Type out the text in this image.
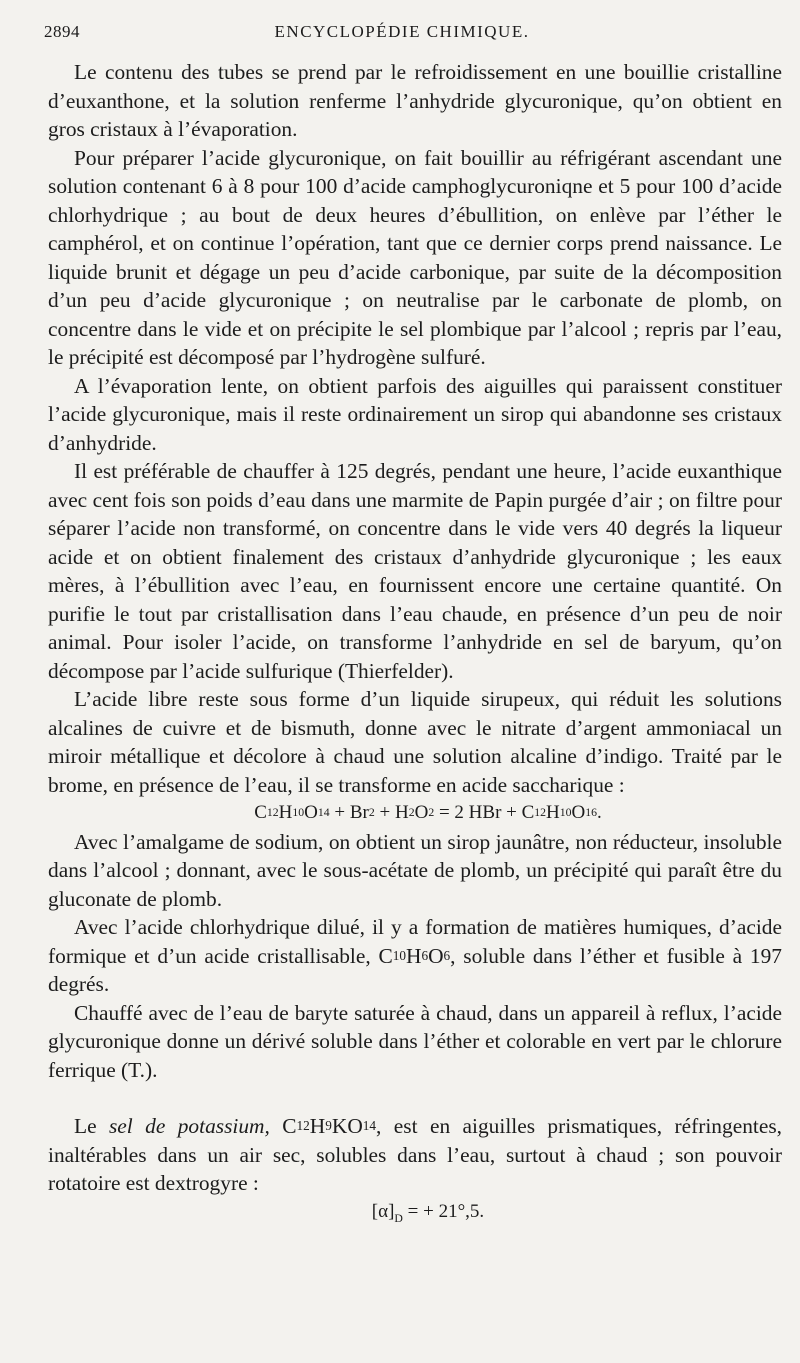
2894	ENCYCLOPÉDIE CHIMIQUE.

Le contenu des tubes se prend par le refroidissement en une bouillie cristalline d’euxanthone, et la solution renferme l’anhydride glycuronique, qu’on obtient en gros cristaux à l’évaporation.

Pour préparer l’acide glycuronique, on fait bouillir au réfrigérant ascendant une solution contenant 6 à 8 pour 100 d’acide camphoglycuroniqne et 5 pour 100 d’acide chlorhydrique ; au bout de deux heures d’ébullition, on enlève par l’éther le camphérol, et on continue l’opération, tant que ce dernier corps prend naissance. Le liquide brunit et dégage un peu d’acide carbonique, par suite de la décomposition d’un peu d’acide glycuronique ; on neutralise par le carbonate de plomb, on concentre dans le vide et on précipite le sel plombique par l’alcool ; repris par l’eau, le précipité est décomposé par l’hydrogène sulfuré.

A l’évaporation lente, on obtient parfois des aiguilles qui paraissent constituer l’acide glycuronique, mais il reste ordinairement un sirop qui abandonne ses cristaux d’anhydride.

Il est préférable de chauffer à 125 degrés, pendant une heure, l’acide euxanthique avec cent fois son poids d’eau dans une marmite de Papin purgée d’air ; on filtre pour séparer l’acide non transformé, on concentre dans le vide vers 40 degrés la liqueur acide et on obtient finalement des cristaux d’anhydride glycuronique ; les eaux mères, à l’ébullition avec l’eau, en fournissent encore une certaine quantité. On purifie le tout par cristallisation dans l’eau chaude, en présence d’un peu de noir animal. Pour isoler l’acide, on transforme l’anhydride en sel de baryum, qu’on décompose par l’acide sulfurique (Thierfelder).

L’acide libre reste sous forme d’un liquide sirupeux, qui réduit les solutions alcalines de cuivre et de bismuth, donne avec le nitrate d’argent ammoniacal un miroir métallique et décolore à chaud une solution alcaline d’indigo. Traité par le brome, en présence de l’eau, il se transforme en acide saccharique :

$C^{12}H^{10}O^{14} + Br^2 + H^2O^2 = 2$ HBr + $C^{12}H^{10}O^{16}$.

Avec l’amalgame de sodium, on obtient un sirop jaunâtre, non réducteur, insoluble dans l’alcool ; donnant, avec le sous-acétate de plomb, un précipité qui paraît être du gluconate de plomb.

Avec l’acide chlorhydrique dilué, il y a formation de matières humiques, d’acide formique et d’un acide cristallisable, $C^{10}H^6O^6$, soluble dans l’éther et fusible à 197 degrés.

Chauffé avec de l’eau de baryte saturée à chaud, dans un appareil à reflux, l’acide glycuronique donne un dérivé soluble dans l’éther et colorable en vert par le chlorure ferrique (T.).

Le sel de potassium, $C^{12}H^9KO^{14}$, est en aiguilles prismatiques, réfringentes, inaltérables dans un air sec, solubles dans l’eau, surtout à chaud ; son pouvoir rotatoire est dextrogyre :

$[\alpha]_D$ = + 21°,5.
